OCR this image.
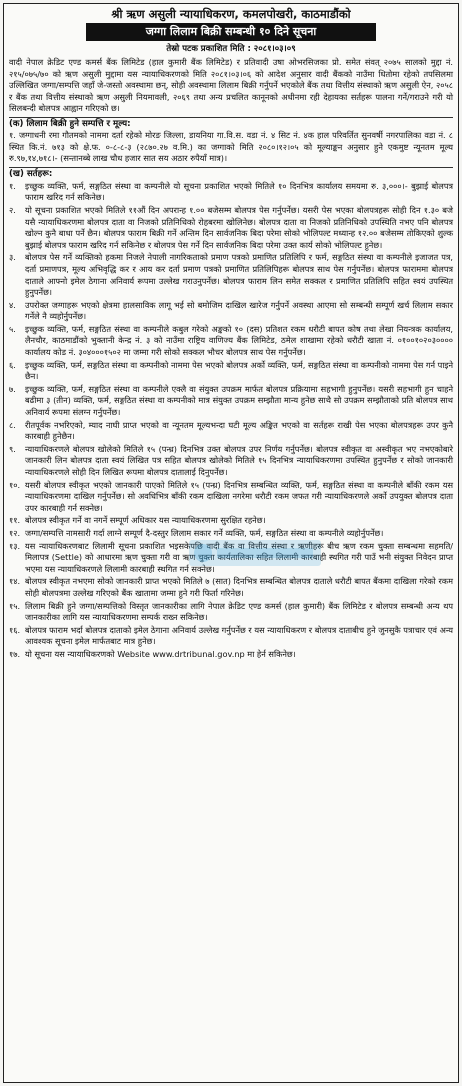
श्री ऋण असुली न्यायाधिकरण, कमलपोखरी, काठमाडौंको
जग्गा लिलाम बिक्री सम्बन्धी १० दिने सूचना
तेस्रो पटक प्रकाशित मिति : २०८१।०३।०९

वादी नेपाल क्रेडिट एण्ड कमर्स बैंक लिमिटेड (हाल कुमारी बैंक लिमिटेड) र प्रतिवादी उषा ओभरसिजका प्रो. समेत संवत् २०७५ सालको मुद्दा नं. २१५/०७५/७० को ऋण असुली मुद्दामा यस न्यायाधिकरणको मिति २०८१।०३।०६ को आदेश अनुसार वादी बैंकको नाउँमा धितोमा रहेको तपसिलमा उल्लिखित जग्गा/सम्पत्ति जहाँ जे-जस्तो अवस्थामा छन्, सोही अवस्थामा लिलाम बिक्री गर्नुपर्ने भएकोले बैंक तथा वित्तीय संस्थाको ऋण असुली ऐन, २०५८ र बैंक तथा वित्तीय संस्थाको ऋण असुली नियमावली, २०६९ तथा अन्य प्रचलित कानूनको अधीनमा रही देहायका सर्तहरू पालना गर्ने/गराउने गरी यो सिलबन्दी बोलपत्र आह्वान गरिएको छ।

(क) लिलाम बिक्री हुने सम्पत्ति र मूल्य:

१. जग्गाधनी रमा गौतमको नाममा दर्ता रहेको मोरङ जिल्ला, डायनिया गा.वि.स. वडा नं. ४ सिट नं. ४क हाल परिवर्तित सुनवर्षी नगरपालिका वडा नं. ८ स्थित कि.नं. ७१३ को क्षे.फ. ०-८-८-३ (२८७०.२७ व.मि.) का जग्गाको मिति २०८०।१२।०५ को मूल्याङ्कन अनुसार हुने एकमुष्ट न्यूनतम मूल्य रु.९७,१४,७१८।- (सन्तानब्बे लाख चौध हजार सात सय अठार रुपैयाँ मात्र)।

(ख) सर्तहरू:
१.	इच्छुक व्यक्ति, फर्म, सङ्गठित संस्था वा कम्पनीले यो सूचना प्रकाशित भएको मितिले १० दिनभित्र कार्यालय समयमा रु. ३,०००।- बुझाई बोलपत्र फाराम खरिद गर्न सकिनेछ।
२.	यो सूचना प्रकाशित भएको मितिले ११औं दिन अपरान्ह १.०० बजेसम्म बोलपत्र पेस गर्नुपर्नेछ। यसरी पेस भएका बोलपत्रहरू सोही दिन १.३० बजे यसै न्यायाधिकरणमा बोलपत्र दाता वा निजको प्रतिनिधिको रोहबरमा खोलिनेछ। बोलपत्र दाता वा निजको प्रतिनिधिको उपस्थिति नभए पनि बोलपत्र खोल्न कुनै बाधा पर्ने छैन। बोलपत्र फाराम बिक्री गर्ने अन्तिम दिन सार्वजनिक बिदा परेमा सोको भोलिपल्ट मध्यान्ह १२.०० बजेसम्म तोकिएको शुल्क बुझाई बोलपत्र फाराम खरिद गर्न सकिनेछ र बोलपत्र पेस गर्ने दिन सार्वजनिक बिदा परेमा उक्त कार्य सोको भोलिपल्ट हुनेछ।
३.	बोलपत्र पेस गर्ने व्यक्तिको हकमा निजले नेपाली नागरिकताको प्रमाण पत्रको प्रमाणित प्रतिलिपि र फर्म, सङ्गठित संस्था वा कम्पनीले इजाजत पत्र, दर्ता प्रमाणपत्र, मूल्य अभिवृद्धि कर र आय कर दर्ता प्रमाण पत्रको प्रमाणित प्रतिलिपिहरू बोलपत्र साथ पेस गर्नुपर्नेछ। बोलपत्र फाराममा बोलपत्र दाताले आफ्नो इमेल ठेगाना अनिवार्य रूपमा उल्लेख गराउनुपर्नेछ। बोलपत्र फाराम लिन समेत सक्कल र प्रमाणित प्रतिलिपि सहित स्वयं उपस्थित हुनुपर्नेछ।
४.	उपरोक्त जग्गाहरू भएको क्षेत्रमा हालसाविक लागू भई सो बमोजिम दाखिल खारेज गर्नुपर्ने अवस्था आएमा सो सम्बन्धी सम्पूर्ण खर्च लिलाम सकार गर्नेले नै व्यहोर्नुपर्नेछ।
५.	इच्छुक व्यक्ति, फर्म, सङ्गठित संस्था वा कम्पनीले कबुल गरेको अङ्कको १० (दस) प्रतिशत रकम धरौटी बापत कोष तथा लेखा नियन्त्रक कार्यालय, लैनचौर, काठमाडौंको भुक्तानी केन्द्र नं. ३ को नाउँमा राष्ट्रिय वाणिज्य बैंक लिमिटेड, ठमेल शाखामा रहेको धरौटी खाता नं. ०१००१०२०३०००० कार्यालय कोड नं. ३०४०००१५०२ मा जम्मा गरी सोको सक्कल भौचर बोलपत्र साथ पेस गर्नुपर्नेछ।
६.	इच्छुक व्यक्ति, फर्म, सङ्गठित संस्था वा कम्पनीको नाममा पेस भएको बोलपत्र अर्को व्यक्ति, फर्म, सङ्गठित संस्था वा कम्पनीको नाममा पेस गर्न पाइने छैन।
७.	इच्छुक व्यक्ति, फर्म, सङ्गठित संस्था वा कम्पनीले एक्लै वा संयुक्त उपक्रम मार्फत बोलपत्र प्रक्रियामा सहभागी हुनुपर्नेछ। यसरी सहभागी हुन चाहने बढीमा ३ (तीन) व्यक्ति, फर्म, सङ्गठित संस्था वा कम्पनीको मात्र संयुक्त उपक्रम सम्झौता मान्य हुनेछ साथै सो उपक्रम सम्झौताको प्रति बोलपत्र साथ अनिवार्य रूपमा संलग्न गर्नुपर्नेछ।
८.	रीतपूर्वक नभरिएको, म्याद नाघी प्राप्त भएको वा न्यूनतम मूल्यभन्दा घटी मूल्य अङ्कित भएको वा सर्तहरू राखी पेस भएका बोलपत्रहरू उपर कुनै कारबाही हुनेछैन।
९.	न्यायाधिकरणले बोलपत्र खोलेको मितिले १५ (पन्ध्र) दिनभित्र उक्त बोलपत्र उपर निर्णय गर्नुपर्नेछ। बोलपत्र स्वीकृत वा अस्वीकृत भए नभएकोबारे जानकारी लिन बोलपत्र दाता स्वयं लिखित पत्र सहित बोलपत्र खोलेको मितिले १५ दिनभित्र न्यायाधिकरणमा उपस्थित हुनुपर्नेछ र सोको जानकारी न्यायाधिकरणले सोही दिन लिखित रूपमा बोलपत्र दातालाई दिनुपर्नेछ।
१०. यसरी बोलपत्र स्वीकृत भएको जानकारी पाएको मितिले १५ (पन्ध्र) दिनभित्र सम्बन्धित व्यक्ति, फर्म, सङ्गठित संस्था वा कम्पनीले बाँकी रकम यस न्यायाधिकरणमा दाखिल गर्नुपर्नेछ। सो अवधिभित्र बाँकी रकम दाखिला नगरेमा धरौटी रकम जफत गरी न्यायाधिकरणले अर्को उपयुक्त बोलपत्र दाता उपर कारबाही गर्न सक्नेछ।
११. बोलपत्र स्वीकृत गर्ने वा नगर्ने सम्पूर्ण अधिकार यस न्यायाधिकरणमा सुरक्षित रहनेछ।
१२. जग्गा/सम्पत्ति नामसारी गर्दा लाग्ने सम्पूर्ण दै-दस्तुर लिलाम सकार गर्ने व्यक्ति, फर्म, सङ्गठित संस्था वा कम्पनीले व्यहोर्नुपर्नेछ।
१३. यस न्यायाधिकरणबाट लिलामी सूचना प्रकाशित भइसकेपछि वादी बैंक वा वित्तीय संस्था र ऋणीहरू बीच ऋण रकम चुक्ता सम्बन्धमा सहमति/मिलापत्र (Settle) को आधारमा ऋण चुक्ता गरी वा ऋण चुक्ता कार्यतालिका सहित लिलामी कारबाही स्थगित गरी पाउँ भनी संयुक्त निवेदन प्राप्त भएमा यस न्यायाधिकरणले लिलामी कारबाही स्थगित गर्न सक्नेछ।
१४. बोलपत्र स्वीकृत नभएमा सोको जानकारी प्राप्त भएको मितिले ७ (सात) दिनभित्र सम्बन्धित बोलपत्र दाताले धरौटी बापत बैंकमा दाखिला गरेको रकम सोही बोलपत्रमा उल्लेख गरिएको बैंक खातामा जम्मा हुने गरी फिर्ता गरिनेछ।
१५. लिलाम बिक्री हुने जग्गा/सम्पत्तिको विस्तृत जानकारीका लागि नेपाल क्रेडिट एण्ड कमर्स (हाल कुमारी) बैंक लिमिटेड र बोलपत्र सम्बन्धी अन्य थप जानकारीका लागि यस न्यायाधिकरणमा सम्पर्क राख्न सकिनेछ।
१६. बोलपत्र फाराम भर्दा बोलपत्र दाताको इमेल ठेगाना अनिवार्य उल्लेख गर्नुपर्नेछ र यस न्यायाधिकरण र बोलपत्र दाताबीच हुने जुनसुकै पत्राचार एवं अन्य आवश्यक सूचना इमेल मार्फतबाट मात्र हुनेछ।
१७. यो सूचना यस न्यायाधिकरणको Website www.drtribunal.gov.np मा हेर्न सकिनेछ।
